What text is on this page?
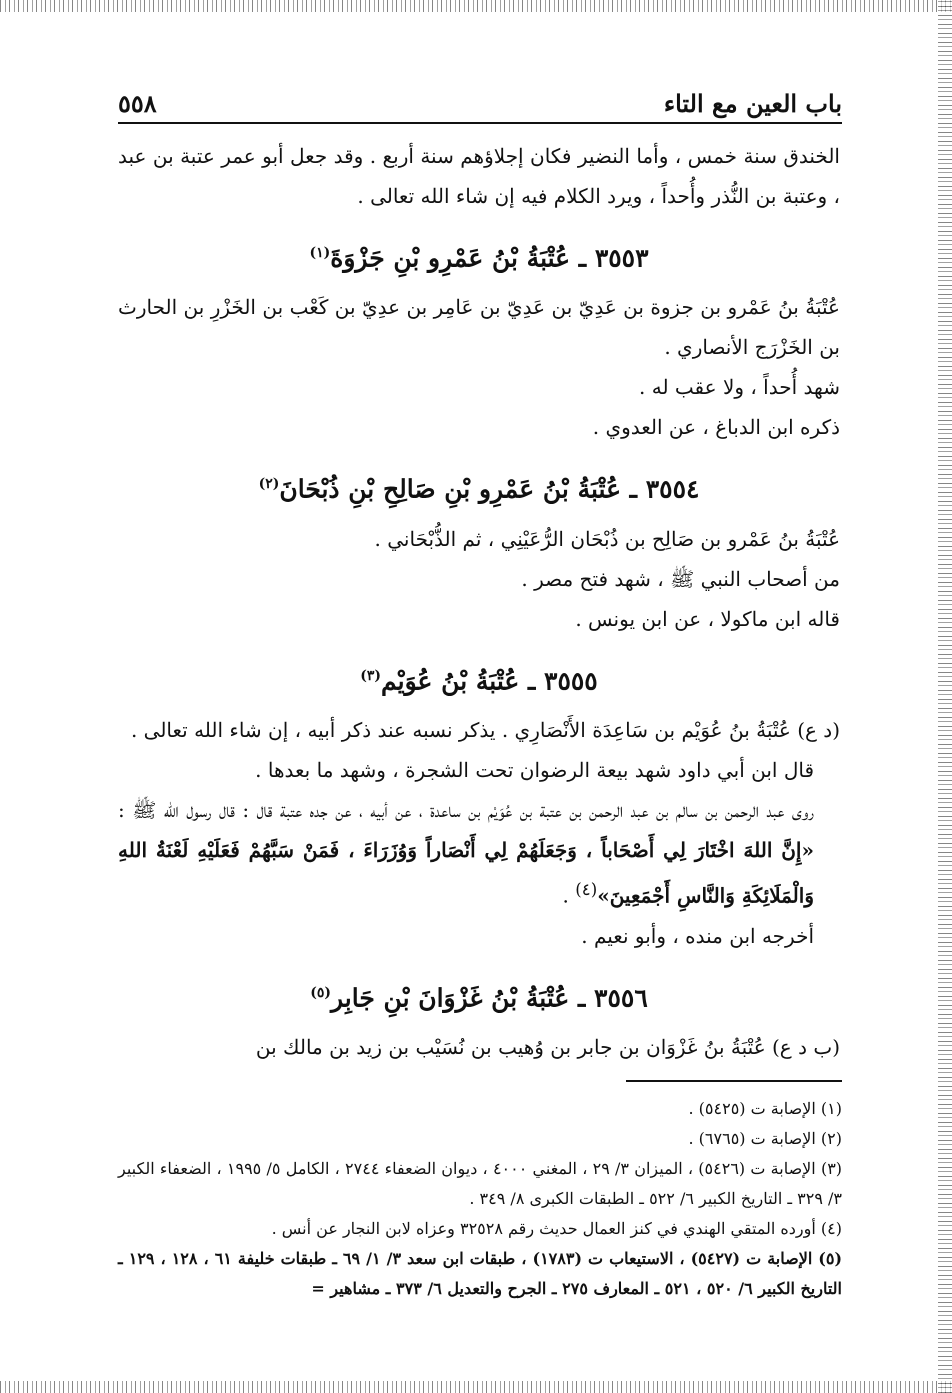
٥٥٨	باب العين مع التاء

الخندق سنة خمس ، وأما النضير فكان إجلاؤهم سنة أربع . وقد جعل أبو عمر عتبة بن عبد ، وعتبة بن النُّذر وأُحداً ، ويرد الكلام فيه إن شاء الله تعالى .

٣٥٥٣ ـ عُتْبَةُ بْنُ عَمْرِو بْنِ جَزْوَةَ$^{(١)}$

عُتْبَةُ بنُ عَمْرو بن جزوة بن عَدِيّ بن عَدِيّ بن عَامِر بن عدِيّ بن كَعْب بن الخَزْرِ بن الحارث بن الخَزْرَج الأنصاري .

شهد أُحداً ، ولا عقب له .

ذكره ابن الدباغ ، عن العدوي .

٣٥٥٤ ـ عُتْبَةُ بْنُ عَمْرِو بْنِ صَالِحِ بْنِ ذُبْحَانَ$^{(٢)}$

عُتْبَةُ بنُ عَمْرو بن صَالِح بن ذُبْحَان الرُّعَيْنِي ، ثم الذُّبْحَاني .

من أصحاب النبي ﷺ ، شهد فتح مصر .

قاله ابن ماكولا ، عن ابن يونس .

٣٥٥٥ ـ عُتْبَةُ بْنُ عُوَيْم$^{(٣)}$

(د ع) عُتْبَةُ بنُ عُوَيْم بن سَاعِدَة الأَنْصَارِي . يذكر نسبه عند ذكر أبيه ، إن شاء الله تعالى .

قال ابن أبي داود شهد بيعة الرضوان تحت الشجرة ، وشهد ما بعدها .

روى عبد الرحمن بن سالم بن عبد الرحمن بن عتبة بن عُوَيْم بن ساعدة ، عن أبيه ، عن جده عتبة قال : قال رسول الله ﷺ : «إِنَّ اللهَ اخْتَارَ لِي أَصْحَاباً ، وَجَعَلَهُمْ لِي أَنْصَاراً وَوُزَرَاءَ ، فَمَنْ سَبَّهُمْ فَعَلَيْهِ لَعْنَةُ اللهِ وَالْمَلَائِكَةِ وَالنَّاسِ أَجْمَعِينَ»$^{(٤)}$ .

أخرجه ابن منده ، وأبو نعيم .

٣٥٥٦ ـ عُتْبَةُ بْنُ غَزْوَانَ بْنِ جَابِر$^{(٥)}$

(ب د ع) عُتْبَةُ بنُ غَزْوَان بن جابر بن وُهيب بن نُسَيْب بن زيد بن مالك بن

(١) الإصابة ت (٥٤٢٥) .

(٢) الإصابة ت (٦٧٦٥) .

(٣) الإصابة ت (٥٤٢٦) ، الميزان ٣/ ٢٩ ، المغني ٤٠٠٠ ، ديوان الضعفاء ٢٧٤٤ ، الكامل ٥/ ١٩٩٥ ، الضعفاء الكبير ٣/ ٣٢٩ ـ التاريخ الكبير ٦/ ٥٢٢ ـ الطبقات الكبرى ٨/ ٣٤٩ .

(٤) أورده المتقي الهندي في كنز العمال حديث رقم ٣٢٥٢٨ وعزاه لابن النجار عن أنس .

(٥) الإصابة ت (٥٤٢٧) ، الاستيعاب ت (١٧٨٣) ، طبقات ابن سعد ٣/ ١/ ٦٩ ـ طبقات خليفة ٦١ ، ١٢٨ ، ١٢٩ ـ التاريخ الكبير ٦/ ٥٢٠ ، ٥٢١ ـ المعارف ٢٧٥ ـ الجرح والتعديل ٦/ ٣٧٣ ـ مشاهير =
